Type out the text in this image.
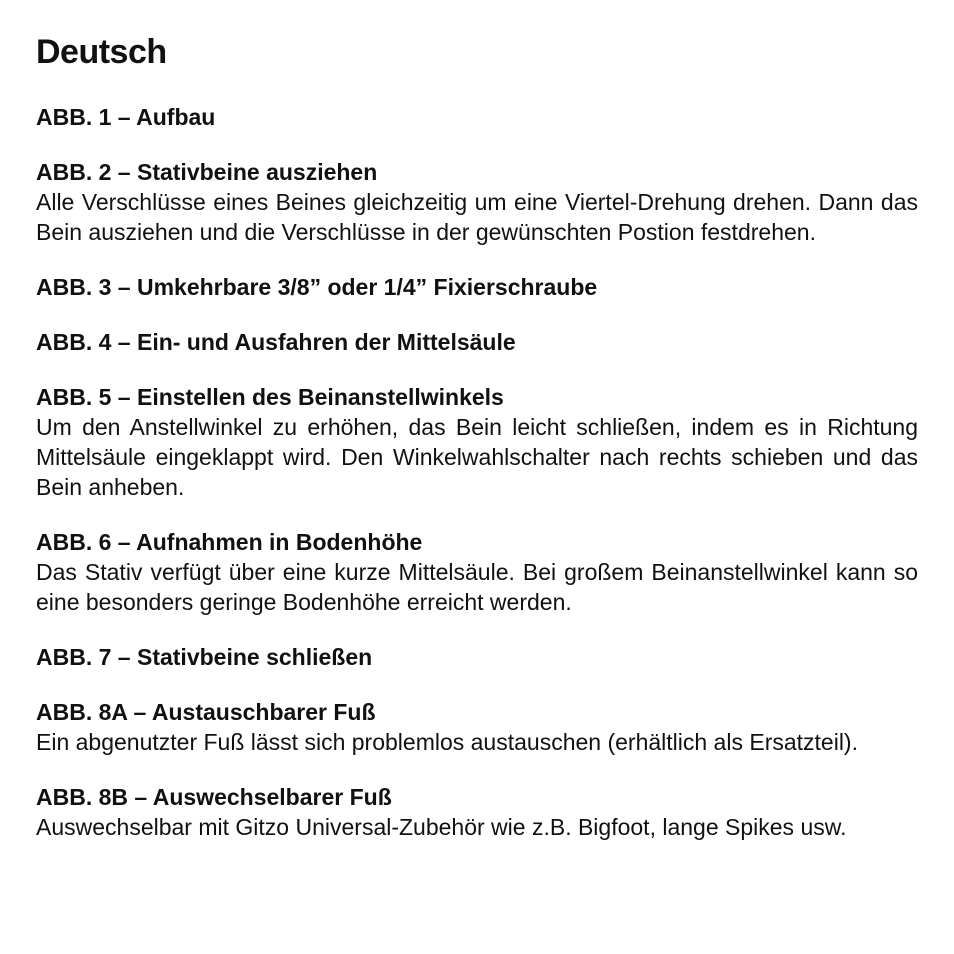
Deutsch

ABB. 1 – Aufbau

ABB. 2 – Stativbeine ausziehen

Alle Verschlüsse eines Beines gleichzeitig um eine Viertel-Drehung drehen. Dann das Bein ausziehen und die Verschlüsse in der gewünschten Postion festdrehen.

ABB. 3 – Umkehrbare 3/8” oder 1/4” Fixierschraube

ABB. 4 – Ein- und Ausfahren der Mittelsäule

ABB. 5 – Einstellen des Beinanstellwinkels

Um den Anstellwinkel zu erhöhen, das Bein leicht schließen, indem es in Richtung Mittelsäule eingeklappt wird. Den Winkelwahlschalter nach rechts schieben und das Bein anheben.

ABB. 6 – Aufnahmen in Bodenhöhe

Das Stativ verfügt über eine kurze Mittelsäule. Bei großem Beinanstellwinkel kann so eine besonders geringe Bodenhöhe erreicht werden.

ABB. 7 – Stativbeine schließen

ABB. 8A – Austauschbarer Fuß

Ein abgenutzter Fuß lässt sich problemlos austauschen (erhältlich als Ersatzteil).

ABB. 8B – Auswechselbarer Fuß

Auswechselbar mit Gitzo Universal-Zubehör wie z.B. Bigfoot, lange Spikes usw.
